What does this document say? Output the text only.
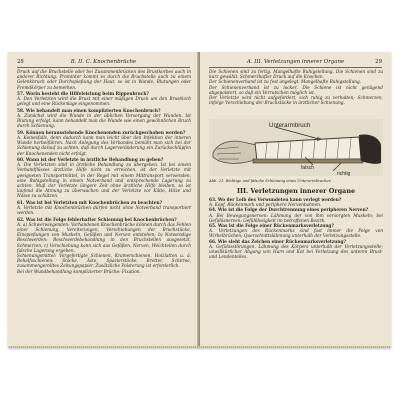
28	B. II. C. Knochenbrüche

Druck auf die Bruchstelle oder bei Zusammenbrücken des Brustkorbes auch in anderer Richtung. Prominter kommt es durch die Bruchstelle auch zu einem Gelenkbruch oder Durchspießung der Haut, so ist in Wunde, Blutungen oder Fremdkörper zu bemerken.

57. Worin besteht die Hilfeleistung beim Rippenbruch?

A. Den Verletzten wird die Brust mit einer mäßigen Druck um den Brustkorb gelegt und eine Rückenlage eingenommen.

58. Wie behandelt man einen komplizierten Knochenbruch?

A. Zunächst wird die Wunde in der üblichen Versorgung der Wunden. Ist Blutung erfolgt, kann behandelt man die Wunde wie einen gewöhnlichen Bruch durch Schienung.

59. Können herausstehende Knochenenden zurückgeschoben werden?

A. Keinesfalls, denn dadurch kann man leicht über den Infektion der inneren Wunde herbeiführen. Nach Anlegung des Verbandes bemüht man sich bei der Schienung darauf zu achten, daß durch Lagerveränderung ein Zurückschlüpfen der Knochenenden nicht erfolgt.

60. Wann ist der Verletzte in ärztliche Behandlung zu geben?

A. Die Verletzten sind in ärztliche Behandlung zu übergeben. Ist bei einem Verbandflüsses ärztliche Hilfe nicht zu erreichen, ist der Verletzte mit geeigneten Transportmittel, in der Regel mit einem Mittransport verwenden, eine Ruhigstellung in einem Notverband und entsprechende Lagerung zu achten. Muß der Verletzte längere Zeit ohne ärztliche Hilfe bleiben, so ist laufend die Atmung zu überwachen und der Verletzte vor Kälte, Hitze und Nässe zu schützen.

61. Was ist bei Verletzten mit Knochenbrüchen zu beachten?

A. Verletzte mit Knochenbrüchen dürfen nicht ohne Notverband transportiert werden.

62. Was ist die Folge fehlerhafter Schienung bei Knochenbrüchen?

A. a) Schwerwiegenden: Vorhandenen Knochenbrüche können durch das Fehlen einer Schienung, Vereiterungen, Verschiebungen der Bruchstücke, Einspießungen von Muskeln, Gefäßen und Nerven entstehen; b) Notwendige Beschwerden: Beschwerdebehandlung in den Bruchstellen ausgesetzt, Schmerzen; c) Verschiebung kann sich aus Gefäßen, Nerven, Weichteilen durch falsche Lagerung ergeben.

Schienungsmittel: Vorgefertigte Schienen, Kramerschienen, Holzlatten u. ä. Behelfsschienen: Stöcke, Äste, Spazierstöcke, Bretter, Schirme, zusammengerolltes Zeitungspapier. Zusätzliche Polsterung ist erforderlich.

Bei der Wundbehandlung komplizierter Brüche: Fixation.

A. III. Verletzungen innerer Organe	29

Die Schienen sind zu fertig. Mangelhafte Ruhigstellung. Die Schienen sind zu kurz gewählt. Schmerzhafter Druck auf die Knochen.

Der Schienenverband ist zu fest angelegt. Mangelhafte Ruhigstellung.

Der Schienenverband ist zu locker. Die Schiene ist nicht genügend abgepolstert, so daß ein Verrutschen möglich ist.

Der Verletzte wird nicht aufgefordert, sich ruhig zu verhalten; Schmerzen, infolge Verschiebung der Bruchstücke in ärztlicher Schienung.

Unterarmbruch
falsch
richtig
Abb. 21. Richtige und falsche Schienung eines Unterarmbruches
III. Verletzungen innerer Organe

63. Wo der Leib des Verwundeten kann verlegt werden?

A. Kopf, Rückenmark und periphere Nervenbahnen.

64. Wie ist die Folge der Durchtrennung eines peripheren Nerven?

A. Bei Bewegungsnerven: Lähmung der von ihm versorgten Muskeln; bei Gefühlsnerven: Gefühllosigkeit im betroffenen Bezirk.

65. Was ist die Folge einer Rückenmarksverletzung?

A. Verletzungen des Rückenmarks sind fast immer die Folge von Wirbelbrüchen; Querschnittslähmung unterhalb der Verletzungsstelle.

66. Wie sieht das Zeichen einer Rückenmarksverletzung?

A. Gefühlsstörungen, Lähmung des Körpers unterhalb der Verletzungsstelle; unwillkürlicher Abgang von Harn und Kot bei Verletzung des unteren Brust- und Lendenteiles.
